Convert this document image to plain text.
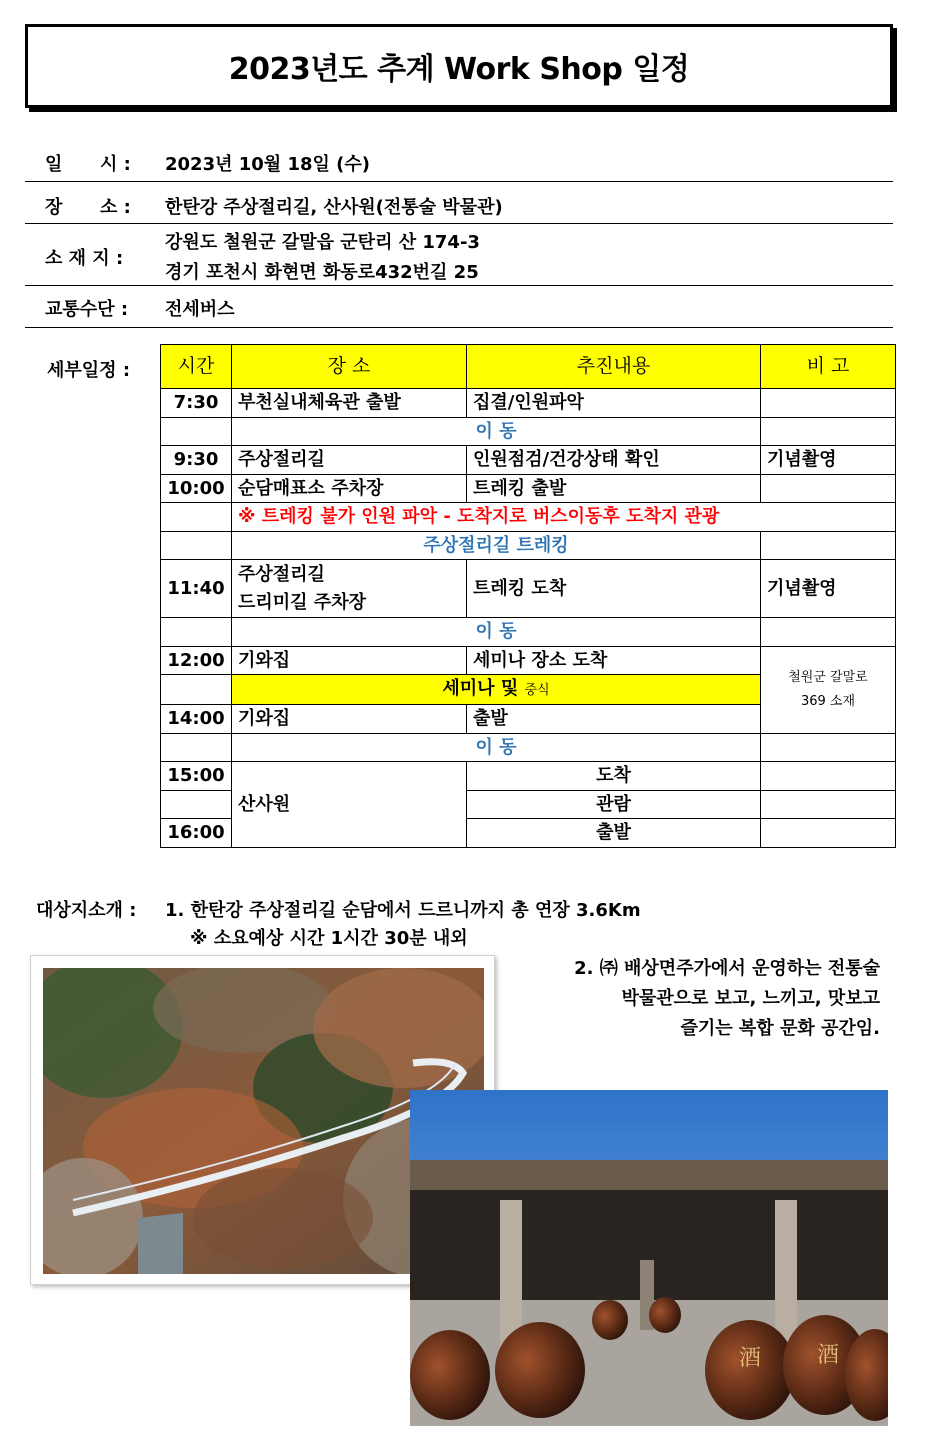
2023년도 추계 Work Shop 일정
일      시 :	2023년 10월 18일 (수)
장      소 :	한탄강 주상절리길, 산사원(전통술 박물관)
소 재 지 :
강원도 철원군 갈말읍 군탄리 산 174-3
경기 포천시 화현면 화동로432번길 25
교통수단 :	전세버스
세부일정 :	시간	장 소	추진내용	비 고
7:30	부천실내체육관 출발	집결/인원파악	
	이 동		
9:30	주상절리길	인원점검/건강상태 확인	기념촬영
10:00	순담매표소 주차장	트레킹 출발	
	※ 트레킹 불가 인원 파악 - 도착지로 버스이동후 도착지 관광		
	주상절리길 트레킹		
11:40	주상절리길
드리미길 주차장	트레킹 도착	기념촬영
	이 동		
12:00	기와집	세미나 장소 도착	철원군 갈말로
369 소재

	세미나 및 중식		
14:00	기와집	출발	
	이 동		
15:00	산사원	도착	
		관람	
16:00		출발	
대상지소개 : 1. 한탄강 주상절리길 순담에서 드르니까지 총 연장 3.6Km
※ 소요예상 시간 1시간 30분 내외
2. ㈜ 배상면주가에서 운영하는 전통술
박물관으로 보고, 느끼고, 맛보고
즐기는 복합 문화 공간임.
酒	酒
